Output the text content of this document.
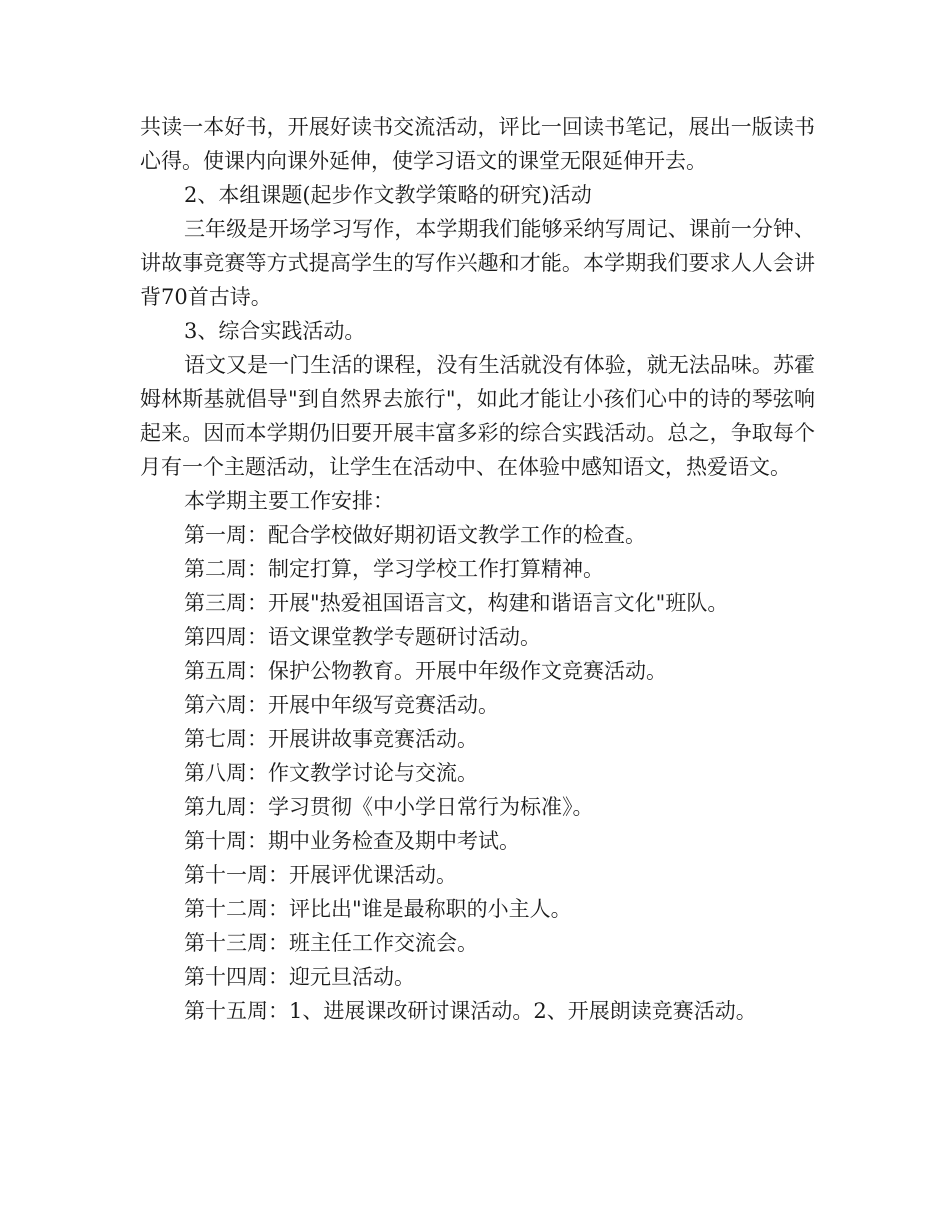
共读一本好书，开展好读书交流活动，评比一回读书笔记，展出一版读书心得。使课内向课外延伸，使学习语文的课堂无限延伸开去。

2、本组课题(起步作文教学策略的研究)活动

三年级是开场学习写作，本学期我们能够采纳写周记、课前一分钟、讲故事竞赛等方式提高学生的写作兴趣和才能。本学期我们要求人人会讲背70首古诗。

3、综合实践活动。

语文又是一门生活的课程，没有生活就没有体验，就无法品味。苏霍姆林斯基就倡导"到自然界去旅行"，如此才能让小孩们心中的诗的琴弦响起来。因而本学期仍旧要开展丰富多彩的综合实践活动。总之，争取每个月有一个主题活动，让学生在活动中、在体验中感知语文，热爱语文。

本学期主要工作安排：

第一周：配合学校做好期初语文教学工作的检查。

第二周：制定打算，学习学校工作打算精神。

第三周：开展"热爱祖国语言文，构建和谐语言文化"班队。

第四周：语文课堂教学专题研讨活动。

第五周：保护公物教育。开展中年级作文竞赛活动。

第六周：开展中年级写竞赛活动。

第七周：开展讲故事竞赛活动。

第八周：作文教学讨论与交流。

第九周：学习贯彻《中小学日常行为标准》。

第十周：期中业务检查及期中考试。

第十一周：开展评优课活动。

第十二周：评比出"谁是最称职的小主人。

第十三周：班主任工作交流会。

第十四周：迎元旦活动。

第十五周：1、进展课改研讨课活动。2、开展朗读竞赛活动。
